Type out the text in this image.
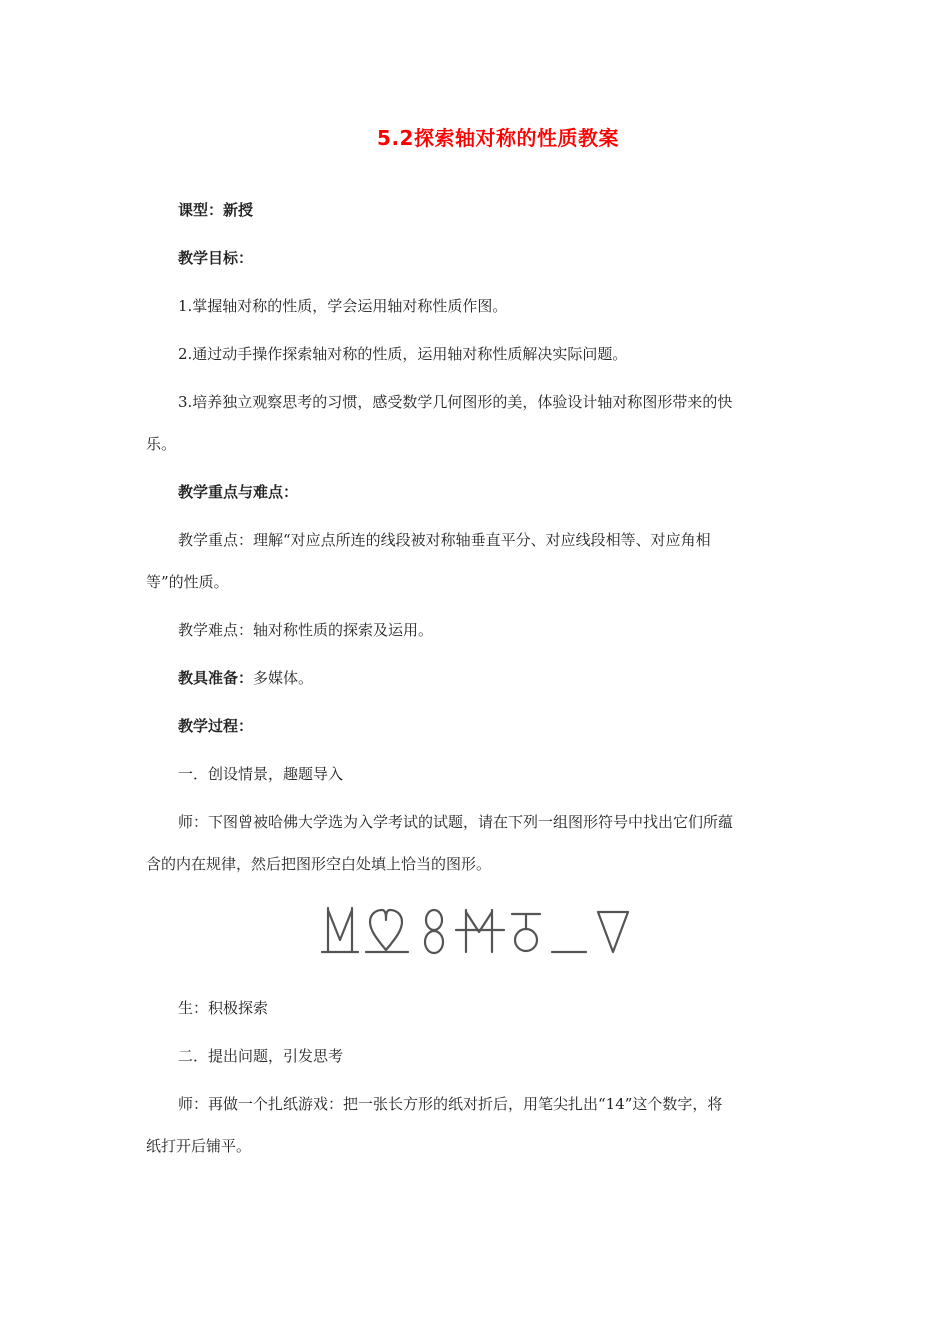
5.2探索轴对称的性质教案
课型：新授
教学目标：
1.掌握轴对称的性质，学会运用轴对称性质作图。
2.通过动手操作探索轴对称的性质，运用轴对称性质解决实际问题。
3.培养独立观察思考的习惯，感受数学几何图形的美，体验设计轴对称图形带来的快
乐。
教学重点与难点：
教学重点：理解“对应点所连的线段被对称轴垂直平分、对应线段相等、对应角相
等”的性质。
教学难点：轴对称性质的探索及运用。
教具准备：多媒体。
教学过程：
一．创设情景，趣题导入
师：下图曾被哈佛大学选为入学考试的试题，请在下列一组图形符号中找出它们所蕴
含的内在规律，然后把图形空白处填上恰当的图形。
生：积极探索
二．提出问题，引发思考
师：再做一个扎纸游戏：把一张长方形的纸对折后，用笔尖扎出“14”这个数字，将
纸打开后铺平。
